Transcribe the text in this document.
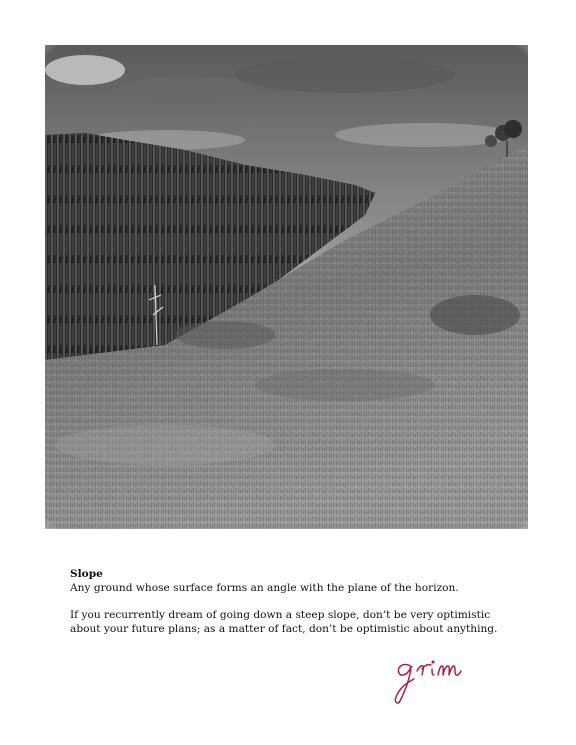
Slope

Any ground whose surface forms an angle with the plane of the horizon.

If you recurrently dream of going down a steep slope, don’t be very optimistic

about your future plans; as a matter of fact, don’t be optimistic about anything.
